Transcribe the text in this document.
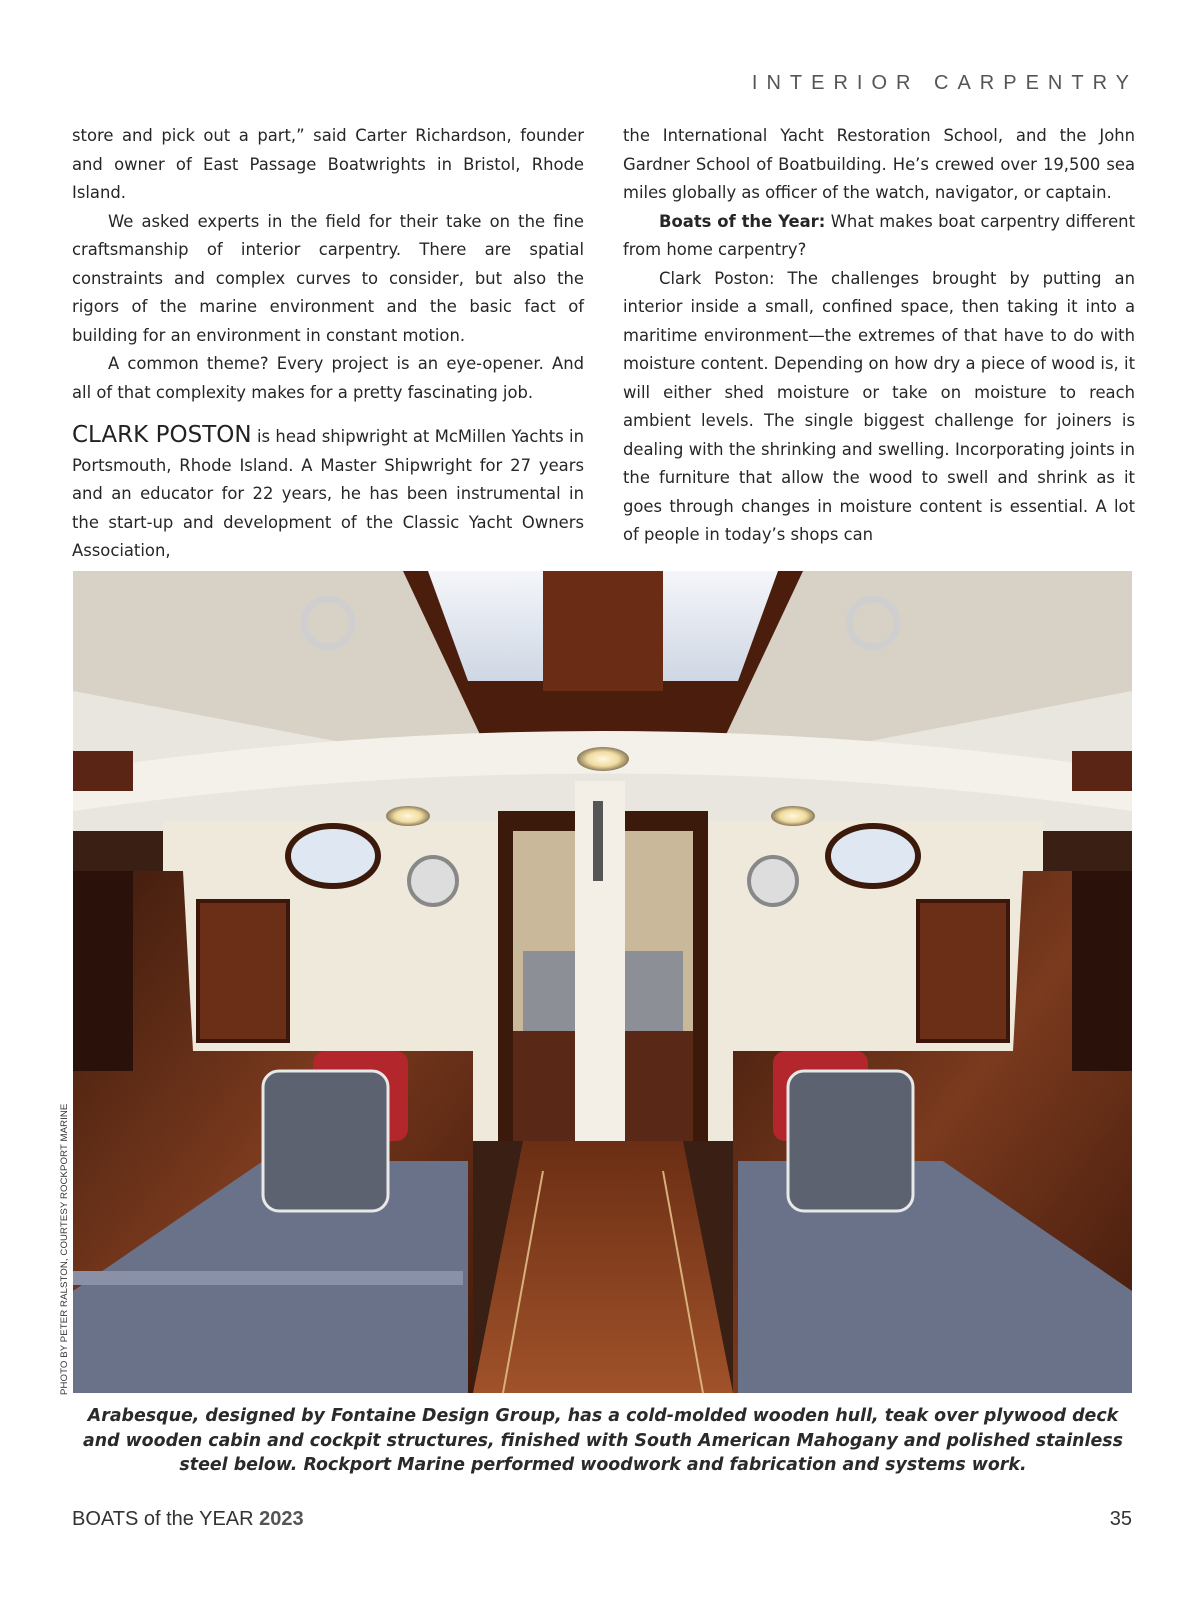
INTERIOR CARPENTRY

store and pick out a part,” said Carter Richardson, founder and owner of East Passage Boatwrights in Bristol, Rhode Island.

We asked experts in the field for their take on the fine craftsmanship of interior carpentry. There are spatial constraints and complex curves to consider, but also the rigors of the marine environment and the basic fact of building for an environment in constant motion.

A common theme? Every project is an eye-opener. And all of that complexity makes for a pretty fascinating job.

CLARK POSTON is head shipwright at McMillen Yachts in Portsmouth, Rhode Island. A Master Shipwright for 27 years and an educator for 22 years, he has been instrumental in the start-up and development of the Classic Yacht Owners Association,

the International Yacht Restoration School, and the John Gardner School of Boatbuilding. He’s crewed over 19,500 sea miles globally as officer of the watch, navigator, or captain.

Boats of the Year: What makes boat carpentry different from home carpentry?

Clark Poston: The challenges brought by putting an interior inside a small, confined space, then taking it into a maritime environment—the extremes of that have to do with moisture content. Depending on how dry a piece of wood is, it will either shed moisture or take on moisture to reach ambient levels. The single biggest challenge for joiners is dealing with the shrinking and swelling. Incorporating joints in the furniture that allow the wood to swell and shrink as it goes through changes in moisture content is essential. A lot of people in today’s shops can

PHOTO BY PETER RALSTON, COURTESY ROCKPORT MARINE
Arabesque, designed by Fontaine Design Group, has a cold-molded wooden hull, teak over plywood deck and wooden cabin and cockpit structures, finished with South American Mahogany and polished stainless steel below. Rockport Marine performed woodwork and fabrication and systems work.
BOATS of the YEAR 2023	35
